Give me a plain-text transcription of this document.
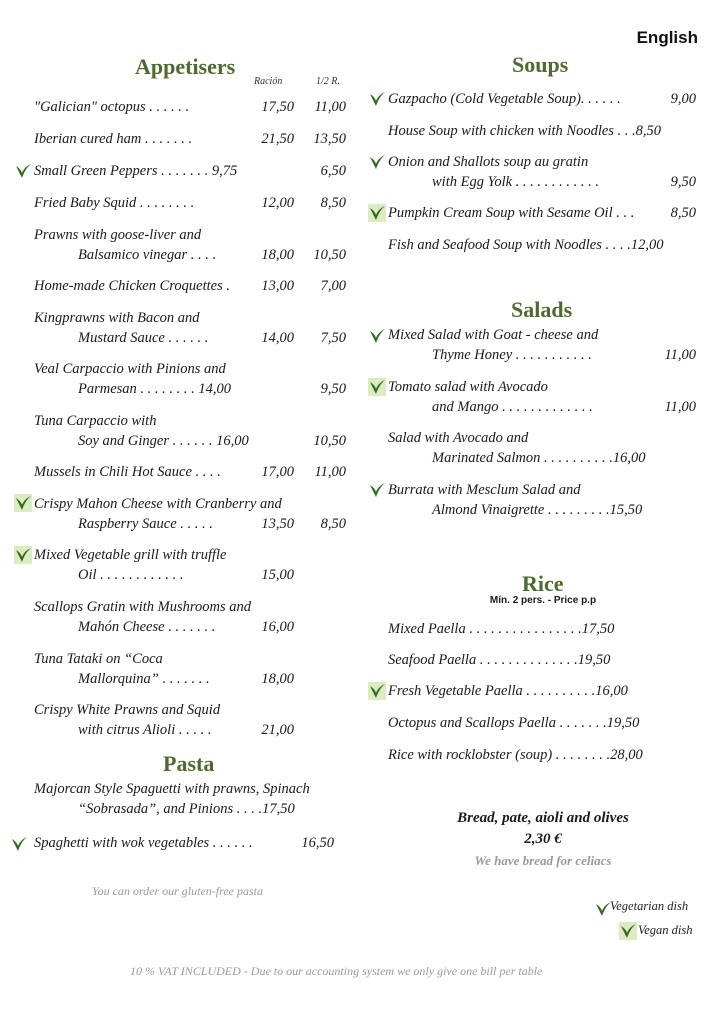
English
Appetisers
Ración	1/2 R.
"Galician" octopus . . . . . .	17,50 11,00
Iberian cured ham . . . . . . .	21,50 13,50
Small Green Peppers . . . . . . . 9,75	6,50
Fried Baby Squid . . . . . . . .	12,00 8,50
Prawns with goose-liver and
Balsamico vinegar . . . .	18,00 10,50
Home-made Chicken Croquettes . 13,00 7,00
Kingprawns with Bacon and
Mustard Sauce . . . . . .	14,00 7,50
Veal Carpaccio with Pinions and
Parmesan . . . . . . . . 14,00	9,50
Tuna Carpaccio with
Soy and Ginger . . . . . . 16,00	10,50
Mussels in Chili Hot Sauce . . . .	17,00 11,00
Crispy Mahon Cheese with Cranberry and
Raspberry Sauce . . . . .	13,50 8,50
Mixed Vegetable grill with truffle
Oil . . . . . . . . . . . .	15,00
Scallops Gratin with Mushrooms and
Mahón Cheese . . . . . . .	16,00
Tuna Tataki on “Coca
Mallorquina” . . . . . . .	18,00
Crispy White Prawns and Squid
with citrus Alioli . . . . .	21,00
Pasta
Majorcan Style Spaguetti with prawns, Spinach
“Sobrasada”, and Pinions . . . .17,50
Spaghetti with wok vegetables . . . . . .	16,50
You can order our gluten-free pasta
Soups
Gazpacho (Cold Vegetable Soup). . . . . .	9,00
House Soup with chicken with Noodles . . .8,50
Onion and Shallots soup au gratin
with Egg Yolk . . . . . . . . . . . .	9,50
Pumpkin Cream Soup with Sesame Oil . . .	8,50
Fish and Seafood Soup with Noodles . . . .12,00
Salads
Mixed Salad with Goat - cheese and
Thyme Honey . . . . . . . . . . .	11,00
Tomato salad with Avocado
and Mango . . . . . . . . . . . . .	11,00
Salad with Avocado and
Marinated Salmon . . . . . . . . . .16,00
Burrata with Mesclum Salad and
Almond Vinaigrette . . . . . . . . .15,50
Rice
Mín. 2 pers. - Price p.p
Mixed Paella . . . . . . . . . . . . . . . .17,50
Seafood Paella . . . . . . . . . . . . . .19,50
Fresh Vegetable Paella . . . . . . . . . .16,00
Octopus and Scallops Paella . . . . . . .19,50
Rice with rocklobster (soup) . . . . . . . .28,00
Bread, pate, aioli and olives
2,30 €
We have bread for celiacs
Vegetarian dish
Vegan dish
10 % VAT INCLUDED - Due to our accounting system we only give one bill per table
